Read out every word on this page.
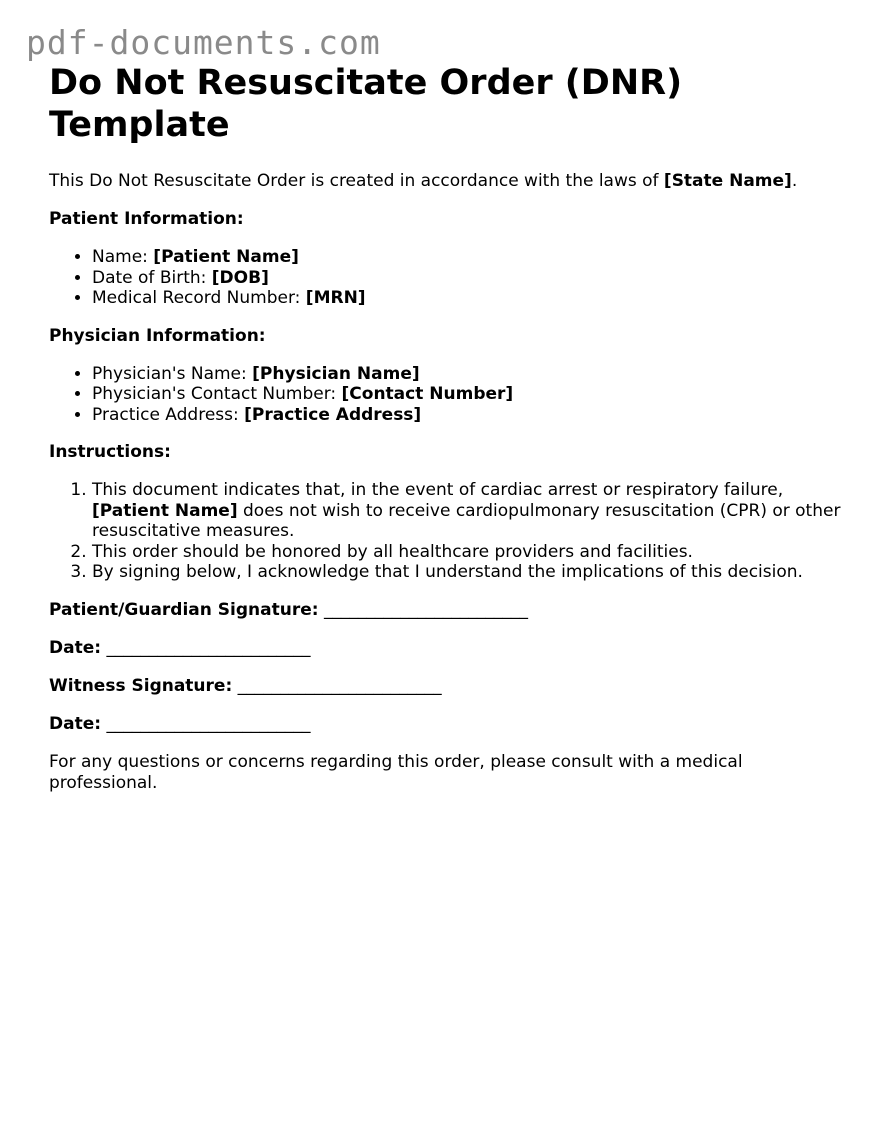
pdf-documents.com
Do Not Resuscitate Order (DNR) Template

This Do Not Resuscitate Order is created in accordance with the laws of [State Name].

Patient Information:

• Name: [Patient Name]
• Date of Birth: [DOB]
• Medical Record Number: [MRN]

Physician Information:

• Physician's Name: [Physician Name]
• Physician's Contact Number: [Contact Number]
• Practice Address: [Practice Address]

Instructions:

1. This document indicates that, in the event of cardiac arrest or respiratory failure, [Patient Name] does not wish to receive cardiopulmonary resuscitation (CPR) or other resuscitative measures.
2. This order should be honored by all healthcare providers and facilities.
3. By signing below, I acknowledge that I understand the implications of this decision.

Patient/Guardian Signature: ________________________

Date: ________________________

Witness Signature: ________________________

Date: ________________________

For any questions or concerns regarding this order, please consult with a medical professional.
